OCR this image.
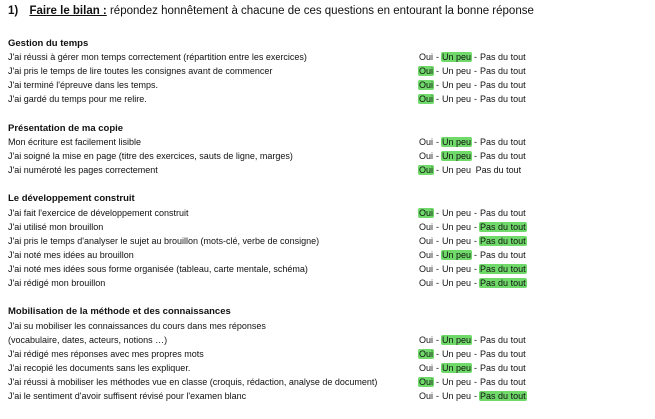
1) Faire le bilan : répondez honnêtement à chacune de ces questions en entourant la bonne réponse
Gestion du temps
J'ai réussi à gérer mon temps correctement (répartition entre les exercices)	Oui - Un peu - Pas du tout
J'ai pris le temps de lire toutes les consignes avant de commencer	Oui - Un peu - Pas du tout
J'ai terminé l'épreuve dans les temps.	Oui - Un peu - Pas du tout
J'ai gardé du temps pour me relire.	Oui - Un peu - Pas du tout
Présentation de ma copie
Mon écriture est facilement lisible	Oui - Un peu - Pas du tout
J'ai soigné la mise en page (titre des exercices, sauts de ligne, marges)	Oui - Un peu - Pas du tout
J'ai numéroté les pages correctement	Oui - Un peu Pas du tout
Le développement construit
J'ai fait l'exercice de développement construit	Oui - Un peu - Pas du tout
J'ai utilisé mon brouillon	Oui - Un peu - Pas du tout
J'ai pris le temps d'analyser le sujet au brouillon (mots-clé, verbe de consigne)	Oui - Un peu - Pas du tout
J'ai noté mes idées au brouillon	Oui - Un peu - Pas du tout
J'ai noté mes idées sous forme organisée (tableau, carte mentale, schéma)	Oui - Un peu - Pas du tout
J'ai rédigé mon brouillon	Oui - Un peu - Pas du tout
Mobilisation de la méthode et des connaissances
J'ai su mobiliser les connaissances du cours dans mes réponses
(vocabulaire, dates, acteurs, notions …)	Oui - Un peu - Pas du tout
J'ai rédigé mes réponses avec mes propres mots	Oui - Un peu - Pas du tout
J'ai recopié les documents sans les expliquer.	Oui - Un peu - Pas du tout
J'ai réussi à mobiliser les méthodes vue en classe (croquis, rédaction, analyse de document)	Oui - Un peu - Pas du tout
J'ai le sentiment d'avoir suffisent révisé pour l'examen blanc	Oui - Un peu - Pas du tout
